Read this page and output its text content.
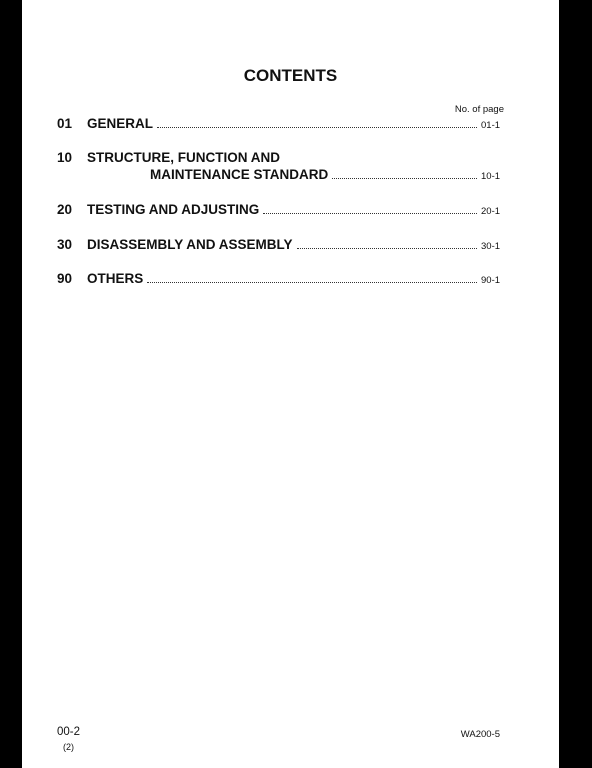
CONTENTS
No. of page
01	GENERAL	01-1
10	STRUCTURE, FUNCTION AND
MAINTENANCE STANDARD	10-1
20	TESTING AND ADJUSTING	20-1
30	DISASSEMBLY AND ASSEMBLY	30-1
90	OTHERS	90-1
00-2
(2)
WA200-5
